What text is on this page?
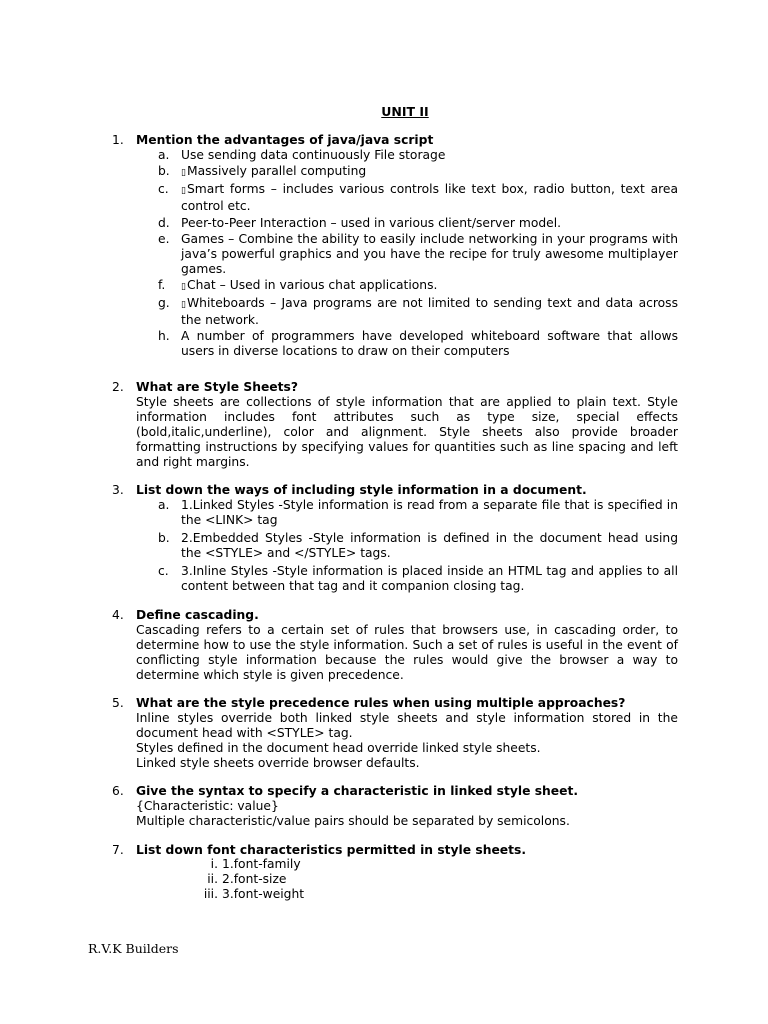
UNIT II
1. Mention the advantages of java/java script
a. Use sending data continuously File storage
b.	▯Massively parallel computing
c.	▯Smart forms – includes various controls like text box, radio button, text area control etc.
d. Peer-to-Peer Interaction – used in various client/server model.
e. Games – Combine the ability to easily include networking in your programs with java’s powerful graphics and you have the recipe for truly awesome multiplayer games.
f.	▯Chat – Used in various chat applications.
g.	▯Whiteboards – Java programs are not limited to sending text and data across the network.
h. A number of programmers have developed whiteboard software that allows users in diverse locations to draw on their computers
2. What are Style Sheets?
Style sheets are collections of style information that are applied to plain text. Style information includes font attributes such as type size, special effects (bold,italic,underline), color and alignment. Style sheets also provide broader formatting instructions by specifying values for quantities such as line spacing and left and right margins.
3. List down the ways of including style information in a document.
a. 1.Linked Styles -Style information is read from a separate file that is specified in the <LINK> tag
b. 2.Embedded Styles -Style information is defined in the document head using the <STYLE> and </STYLE> tags.
c.	3.Inline Styles -Style information is placed inside an HTML tag and applies to all content between that tag and it companion closing tag.
4. Define cascading.
Cascading refers to a certain set of rules that browsers use, in cascading order, to determine how to use the style information. Such a set of rules is useful in the event of conflicting style information because the rules would give the browser a way to determine which style is given precedence.
5. What are the style precedence rules when using multiple approaches?
Inline styles override both linked style sheets and style information stored in the document head with <STYLE> tag.
Styles defined in the document head override linked style sheets.
Linked style sheets override browser defaults.
6. Give the syntax to specify a characteristic in linked style sheet.
{Characteristic: value}
Multiple characteristic/value pairs should be separated by semicolons.
7. List down font characteristics permitted in style sheets.
i. 1.font-family
ii. 2.font-size
iii. 3.font-weight
R.V.K Builders
